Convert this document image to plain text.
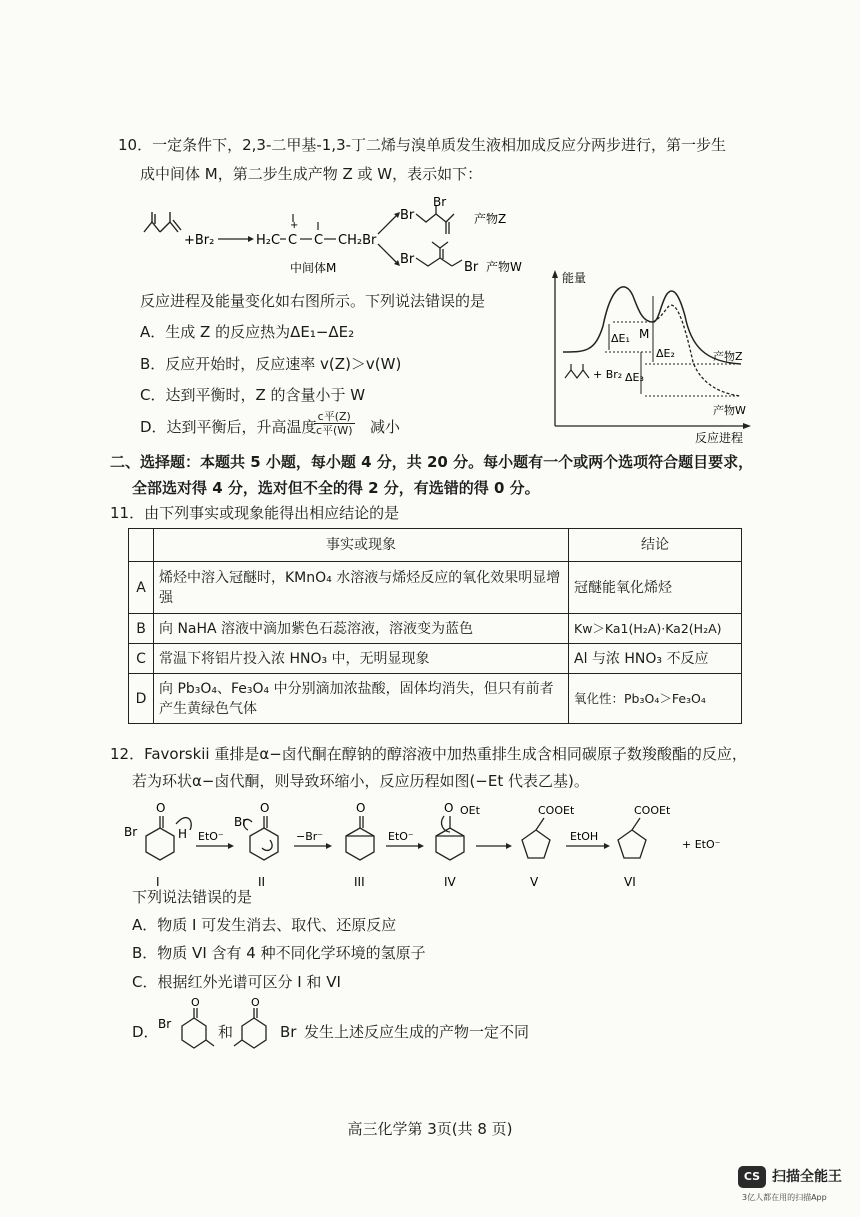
10．一定条件下，2,3-二甲基-1,3-丁二烯与溴单质发生液相加成反应分两步进行，第一步生
成中间体 M，第二步生成产物 Z 或 W，表示如下：
+Br₂	H₂C C
+
C CH₂Br
中间体M
Br
Br
产物Z
Br
Br 产物W
反应进程及能量变化如右图所示。下列说法错误的是
A．生成 Z 的反应热为ΔE₁−ΔE₂
B．反应开始时，反应速率 v(Z)＞v(W)
C．达到平衡时，Z 的含量小于 W
D．达到平衡后，升高温度
c平(Z)
c平(W) 减小
能量
反应进程
ΔE₁
ΔE₂
ΔE₃
M
产物Z
产物W
+ Br₂
二、选择题：本题共 5 小题，每小题 4 分，共 20 分。每小题有一个或两个选项符合题目要求，
全部选对得 4 分，选对但不全的得 2 分，有选错的得 0 分。
11．由下列事实或现象能得出相应结论的是
	事实或现象	结论
A	烯烃中溶入冠醚时，KMnO₄ 水溶液与烯烃反应的氧化效果明显增强	冠醚能氧化烯烃
B	向 NaHA 溶液中滴加紫色石蕊溶液，溶液变为蓝色	Kw＞Ka1(H₂A)·Ka2(H₂A)
C	常温下将铝片投入浓 HNO₃ 中，无明显现象	Al 与浓 HNO₃ 不反应
D	向 Pb₃O₄、Fe₃O₄ 中分别滴加浓盐酸，固体均消失，但只有前者产生黄绿色气体	氧化性：Pb₃O₄＞Fe₃O₄
12．Favorskii 重排是α−卤代酮在醇钠的醇溶液中加热重排生成含相同碳原子数羧酸酯的反应，
若为环状α−卤代酮，则导致环缩小，反应历程如图(−Et 代表乙基)。
O
Br	H
I
EtO⁻
O
Br
II
−Br⁻
O
III
EtO⁻
O OEt
IV
COOEt
V
EtOH
COOEt
VI
+ EtO⁻
下列说法错误的是
A．物质 I 可发生消去、取代、还原反应
B．物质 VI 含有 4 种不同化学环境的氢原子
C．根据红外光谱可区分 I 和 VI
D．
O
Br
O
和	Br 发生上述反应生成的产物一定不同
高三化学第 3页(共 8 页)
CS 扫描全能王
3亿人都在用的扫描App
